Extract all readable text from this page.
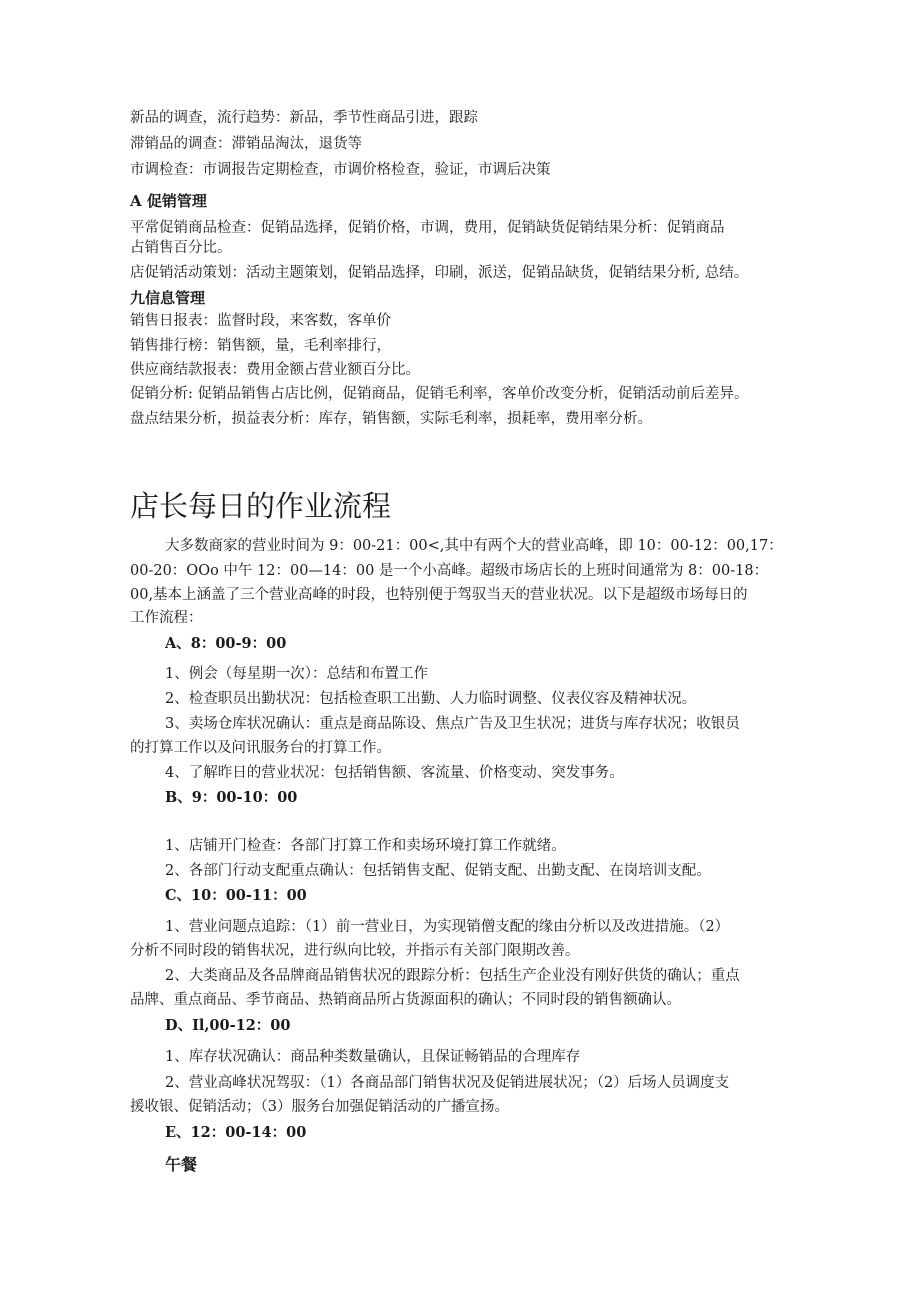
新品的调查，流行趋势：新品，季节性商品引进，跟踪
滞销品的调查：滞销品淘汰，退货等
市调检查：市调报告定期检查，市调价格检查，验证，市调后决策
A 促销管理
平常促销商品检查：促销品选择，促销价格，市调，费用，促销缺货促销结果分析：促销商品
占销售百分比。
店促销活动策划：活动主题策划，促销品选择，印刷，派送，促销品缺货，促销结果分析, 总结。
九信息管理
销售日报表：监督时段，来客数，客单价
销售排行榜：销售额，量，毛利率排行，
供应商结款报表：费用金额占营业额百分比。
促销分析: 促销品销售占店比例，促销商品，促销毛利率，客单价改变分析，促销活动前后差异。
盘点结果分析，损益表分析：库存，销售额，实际毛利率，损耗率，费用率分析。
店长每日的作业流程
大多数商家的营业时间为 9：00-21：00<,其中有两个大的营业高峰，即 10：00-12：00,17：
00-20：OOo 中午 12：00—14：00 是一个小高峰。超级市场店长的上班时间通常为 8：00-18：
00,基本上涵盖了三个营业高峰的时段，也特别便于驾驭当天的营业状况。以下是超级市场每日的
工作流程：
A、8：00-9：00
1、例会（每星期一次）：总结和布置工作
2、检查职员出勤状况：包括检查职工出勤、人力临时调整、仪表仪容及精神状况。
3、卖场仓库状况确认：重点是商品陈设、焦点广告及卫生状况；进货与库存状况；收银员
的打算工作以及问讯服务台的打算工作。
4、了解昨日的营业状况：包括销售额、客流量、价格变动、突发事务。
B、9：00-10：00
1、店铺开门检查：各部门打算工作和卖场环境打算工作就绪。
2、各部门行动支配重点确认：包括销售支配、促销支配、出勤支配、在岗培训支配。
C、10：00-11：00
1、营业问题点追踪：（1）前一营业日，为实现销僧支配的缘由分析以及改进措施。（2）
分析不同时段的销售状况，进行纵向比较，并指示有关部门限期改善。
2、大类商品及各品牌商品销售状况的跟踪分析：包括生产企业没有刚好供货的确认；重点
品牌、重点商品、季节商品、热销商品所占货源面积的确认；不同时段的销售额确认。
D、Il,00-12：00
1、库存状况确认：商品种类数量确认，且保证畅销品的合理库存
2、营业高峰状况驾驭：（1）各商品部门销售状况及促销进展状况；（2）后场人员调度支
援收银、促销活动；（3）服务台加强促销活动的广播宣扬。
E、12：00-14：00
午餐
